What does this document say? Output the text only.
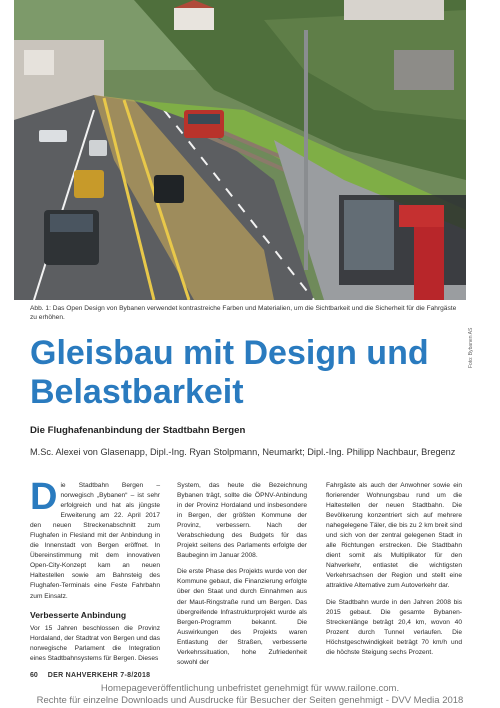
Foto: Bybanen AS
Abb. 1: Das Open Design von Bybanen verwendet kontrastreiche Farben und Materialien, um die Sichtbarkeit und die Sicherheit für die Fahrgäste zu erhöhen.
Gleisbau mit Design und Belastbarkeit
Die Flughafenanbindung der Stadtbahn Bergen
M.Sc. Alexei von Glasenapp, Dipl.-Ing. Ryan Stolpmann, Neumarkt; Dipl.-Ing. Philipp Nachbaur, Bregenz

Die Stadtbahn Bergen – norwegisch „Bybanen“ – ist sehr erfolgreich und hat als jüngste Erweiterung am 22. April 2017 den neuen Streckenabschnitt zum Flughafen in Flesland mit der Anbindung in die Innenstadt von Bergen eröffnet. In Übereinstimmung mit dem innovativen Open-City-Konzept kam an neuen Haltestellen sowie am Bahnsteig des Flughafen-Terminals eine Feste Fahrbahn zum Einsatz.

Verbesserte Anbindung

Vor 15 Jahren beschlossen die Provinz Hordaland, der Stadtrat von Bergen und das norwegische Parlament die Integration eines Stadtbahnsystems für Bergen. Dieses

System, das heute die Bezeichnung Bybanen trägt, sollte die ÖPNV-Anbindung in der Provinz Hordaland und insbesondere in Bergen, der größten Kommune der Provinz, verbessern. Nach der Verabschiedung des Budgets für das Projekt seitens des Parlaments erfolgte der Baubeginn im Januar 2008.

Die erste Phase des Projekts wurde von der Kommune gebaut, die Finanzierung erfolgte über den Staat und durch Einnahmen aus der Maut-Ringstraße rund um Bergen. Das übergreifende Infrastrukturprojekt wurde als Bergen-Programm bekannt. Die Auswirkungen des Projekts waren Entlastung der Straßen, verbesserte Verkehrssituation, hohe Zufriedenheit sowohl der

Fahrgäste als auch der Anwohner sowie ein florierender Wohnungsbau rund um die Haltestellen der neuen Stadtbahn. Die Bevölkerung konzentriert sich auf mehrere nahegelegene Täler, die bis zu 2 km breit sind und sich von der zentral gelegenen Stadt in alle Richtungen erstrecken. Die Stadtbahn dient somit als Multiplikator für den Nahverkehr, entlastet die wichtigsten Verkehrsachsen der Region und stellt eine attraktive Alternative zum Autoverkehr dar.

Die Stadtbahn wurde in den Jahren 2008 bis 2015 gebaut. Die gesamte Bybanen-Streckenlänge beträgt 20,4 km, wovon 40 Prozent durch Tunnel verlaufen. Die Höchstgeschwindigkeit beträgt 70 km/h und die höchste Steigung sechs Prozent.

60 DER NAHVERKEHR 7-8/2018
Homepageveröffentlichung unbefristet genehmigt für www.railone.com.
Rechte für einzelne Downloads und Ausdrucke für Besucher der Seiten genehmigt - DVV Media 2018
